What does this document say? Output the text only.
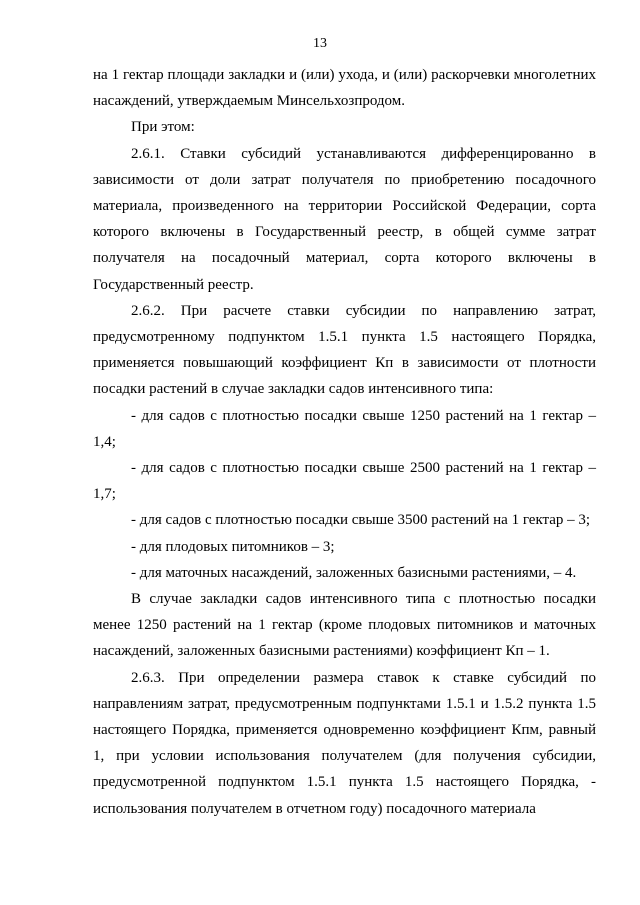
13

на 1 гектар площади закладки и (или) ухода, и (или) раскорчевки многолетних насаждений, утверждаемым Минсельхозпродом.

При этом:

2.6.1. Ставки субсидий устанавливаются дифференцированно в зависимости от доли затрат получателя по приобретению посадочного материала, произведенного на территории Российской Федерации, сорта которого включены в Государственный реестр, в общей сумме затрат получателя на посадочный материал, сорта которого включены в Государственный реестр.

2.6.2. При расчете ставки субсидии по направлению затрат, предусмотренному подпунктом 1.5.1 пункта 1.5 настоящего Порядка, применяется повышающий коэффициент Кп в зависимости от плотности посадки растений в случае закладки садов интенсивного типа:

- для садов с плотностью посадки свыше 1250 растений на 1 гектар – 1,4;

- для садов с плотностью посадки свыше 2500 растений на 1 гектар – 1,7;

- для садов с плотностью посадки свыше 3500 растений на 1 гектар – 3;

- для плодовых питомников – 3;

- для маточных насаждений, заложенных базисными растениями, – 4.

В случае закладки садов интенсивного типа с плотностью посадки менее 1250 растений на 1 гектар (кроме плодовых питомников и маточных насаждений, заложенных базисными растениями) коэффициент Кп – 1.

2.6.3. При определении размера ставок к ставке субсидий по направлениям затрат, предусмотренным подпунктами 1.5.1 и 1.5.2 пункта 1.5 настоящего Порядка, применяется одновременно коэффициент Кпм, равный 1, при условии использования получателем (для получения субсидии, предусмотренной подпунктом 1.5.1 пункта 1.5 настоящего Порядка, - использования получателем в отчетном году) посадочного материала
